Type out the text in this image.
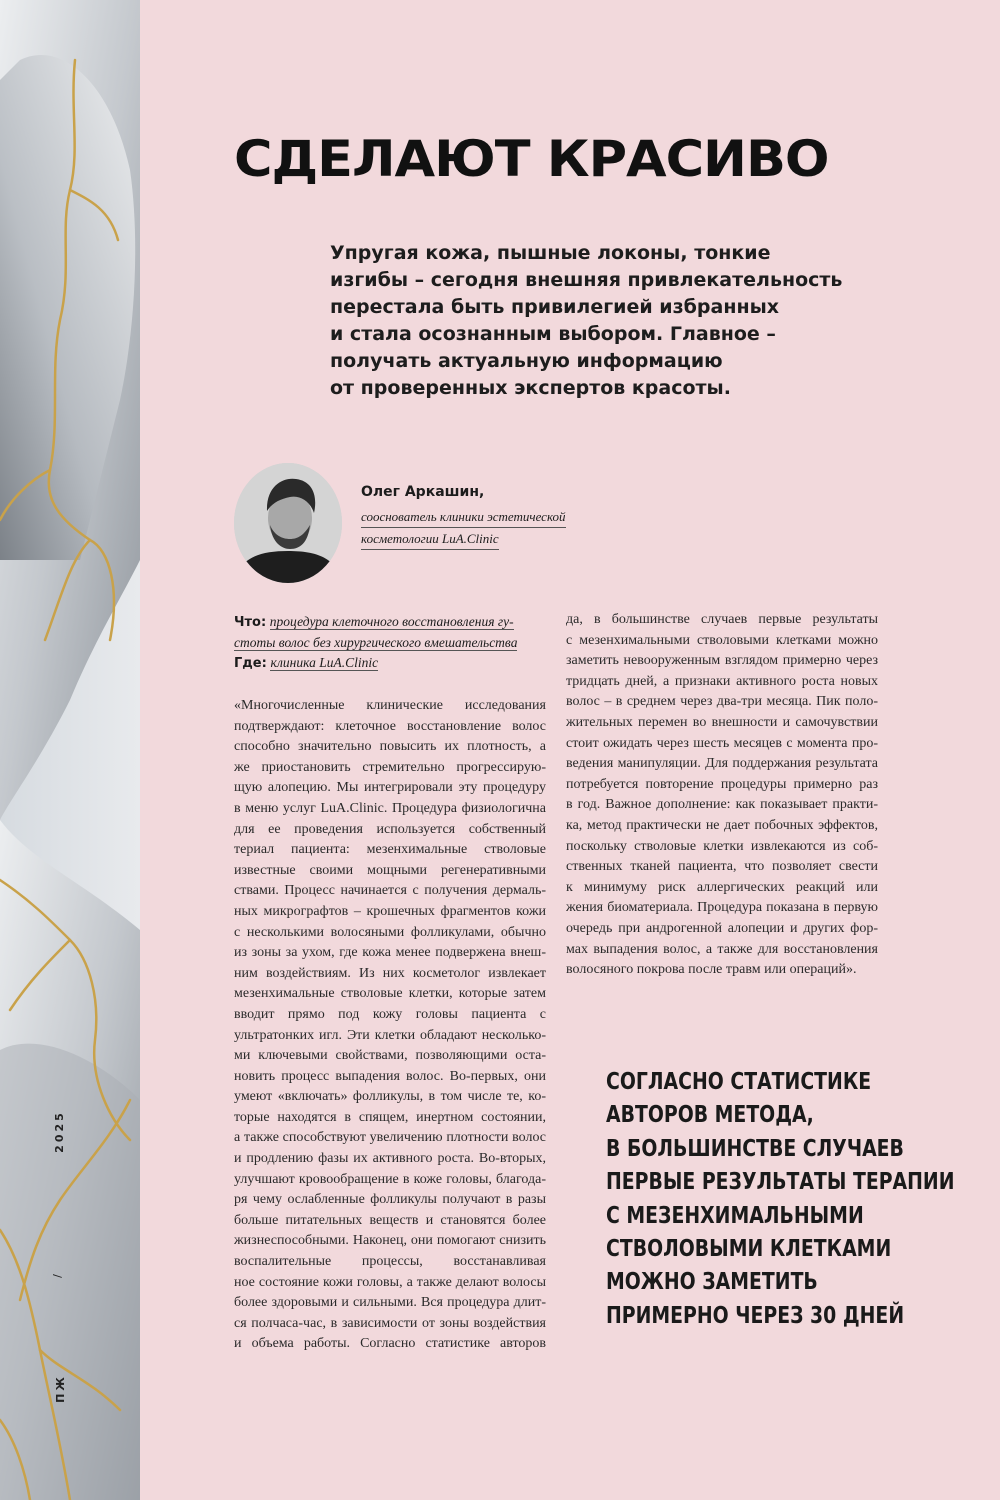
2025
/
ПЖ
СДЕЛАЮТ КРАСИВО
Упругая кожа, пышные локоны, тонкие
изгибы – сегодня внешняя привлекательность
перестала быть привилегией избранных
и стала осознанным выбором. Главное –
получать актуальную информацию
от проверенных экспертов красоты.
Олег Аркашин,
сооснователь клиники эстетической
косметологии LuA.Clinic
Что: процедура клеточного восстановления гу-
стоты волос без хирургического вмешательства
Где: клиника LuA.Clinic
«Многочисленные клинические исследования
подтверждают: клеточное восстановление волос
способно значительно повысить их плотность, а
же приостановить стремительно прогрессирую-
щую алопецию. Мы интегрировали эту процедуру
в меню услуг LuA.Clinic. Процедура физиологична
для ее проведения используется собственный
териал пациента: мезенхимальные стволовые
известные своими мощными регенеративными
ствами. Процесс начинается с получения дермаль-
ных микрографтов – крошечных фрагментов кожи
с несколькими волосяными фолликулами, обычно
из зоны за ухом, где кожа менее подвержена внеш-
ним воздействиям. Из них косметолог извлекает
мезенхимальные стволовые клетки, которые затем
вводит прямо под кожу головы пациента с
ультратонких игл. Эти клетки обладают несколько-
ми ключевыми свойствами, позволяющими оста-
новить процесс выпадения волос. Во-первых, они
умеют «включать» фолликулы, в том числе те, ко-
торые находятся в спящем, инертном состоянии,
а также способствуют увеличению плотности волос
и продлению фазы их активного роста. Во-вторых,
улучшают кровообращение в коже головы, благода-
ря чему ослабленные фолликулы получают в разы
больше питательных веществ и становятся более
жизнеспособными. Наконец, они помогают снизить
воспалительные процессы, восстанавливая
ное состояние кожи головы, а также делают волосы
более здоровыми и сильными. Вся процедура длит-
ся полчаса-час, в зависимости от зоны воздействия
и объема работы. Согласно статистике авторов
да, в большинстве случаев первые результаты
с мезенхимальными стволовыми клетками можно
заметить невооруженным взглядом примерно через
тридцать дней, а признаки активного роста новых
волос – в среднем через два-три месяца. Пик поло-
жительных перемен во внешности и самочувствии
стоит ожидать через шесть месяцев с момента про-
ведения манипуляции. Для поддержания результата
потребуется повторение процедуры примерно раз
в год. Важное дополнение: как показывает практи-
ка, метод практически не дает побочных эффектов,
поскольку стволовые клетки извлекаются из соб-
ственных тканей пациента, что позволяет свести
к минимуму риск аллергических реакций или
жения биоматериала. Процедура показана в первую
очередь при андрогенной алопеции и других фор-
мах выпадения волос, а также для восстановления
волосяного покрова после травм или операций».
СОГЛАСНО СТАТИСТИКЕ
АВТОРОВ МЕТОДА,
В БОЛЬШИНСТВЕ СЛУЧАЕВ
ПЕРВЫЕ РЕЗУЛЬТАТЫ ТЕРАПИИ
С МЕЗЕНХИМАЛЬНЫМИ
СТВОЛОВЫМИ КЛЕТКАМИ
МОЖНО ЗАМЕТИТЬ
ПРИМЕРНО ЧЕРЕЗ 30 ДНЕЙ
